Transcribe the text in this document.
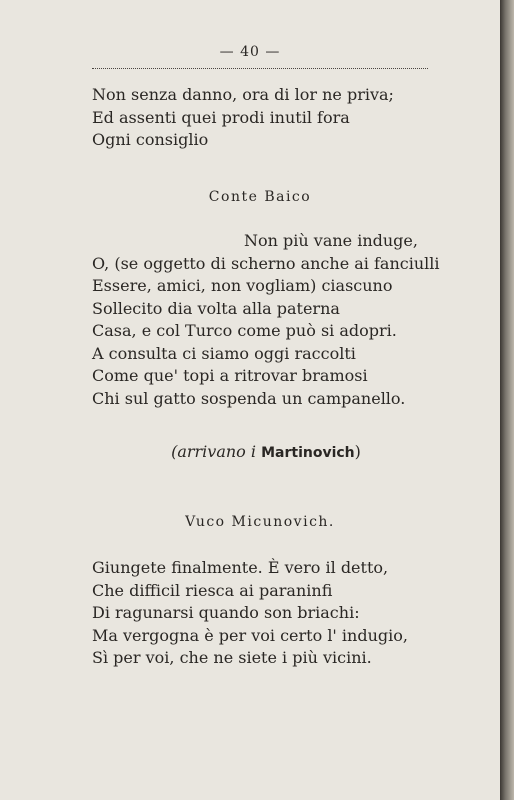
— 40 —
Non senza danno, ora di lor ne priva;
Ed assenti quei prodi inutil fora
Ogni consiglio
Conte Baico
Non più vane induge,
O, (se oggetto di scherno anche ai fanciulli
Essere, amici, non vogliam) ciascuno
Sollecito dia volta alla paterna
Casa, e col Turco come può si adopri.
A consulta ci siamo oggi raccolti
Come que' topi a ritrovar bramosi
Chi sul gatto sospenda un campanello.
(arrivano i Martinovich)
Vuco Micunovich.
Giungete finalmente. È vero il detto,
Che difficil riesca ai paraninfi
Di ragunarsi quando son briachi:
Ma vergogna è per voi certo l' indugio,
Sì per voi, che ne siete i più vicini.
